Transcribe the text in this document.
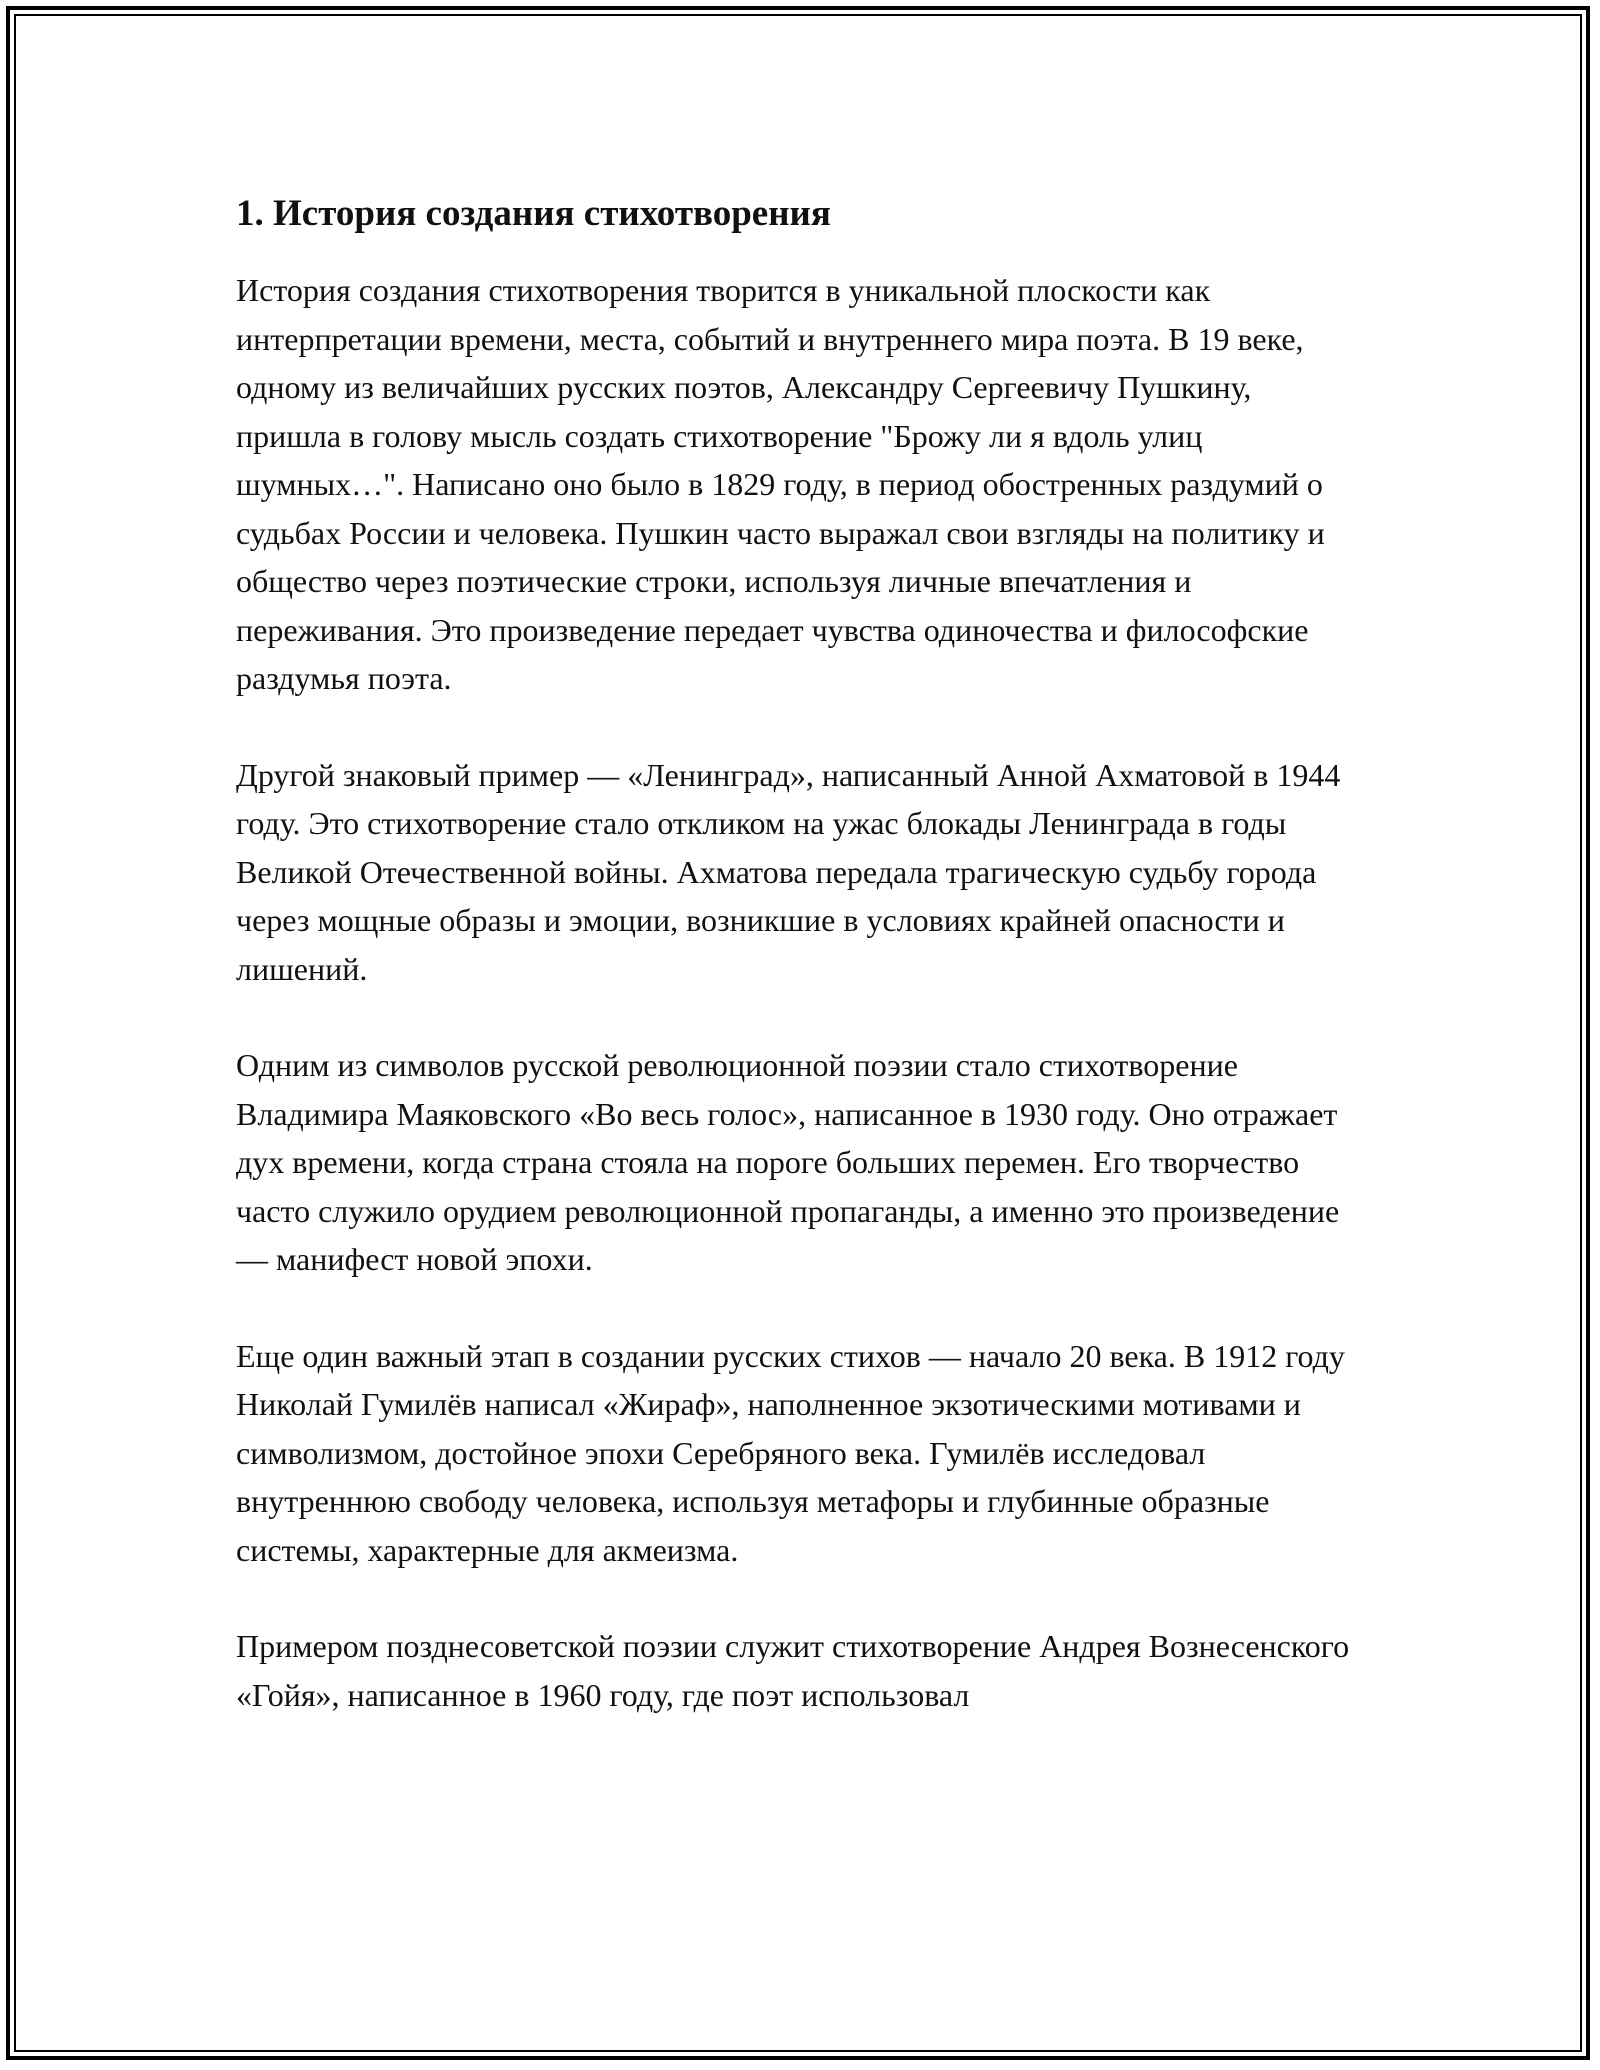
1. История создания стихотворения

История создания стихотворения творится в уникальной плоскости как интерпретации времени, места, событий и внутреннего мира поэта. В 19 веке, одному из величайших русских поэтов, Александру Сергеевичу Пушкину, пришла в голову мысль создать стихотворение "Брожу ли я вдоль улиц шумных…". Написано оно было в 1829 году, в период обостренных раздумий о судьбах России и человека. Пушкин часто выражал свои взгляды на политику и общество через поэтические строки, используя личные впечатления и переживания. Это произведение передает чувства одиночества и философские раздумья поэта.

Другой знаковый пример — «Ленинград», написанный Анной Ахматовой в 1944 году. Это стихотворение стало откликом на ужас блокады Ленинграда в годы Великой Отечественной войны. Ахматова передала трагическую судьбу города через мощные образы и эмоции, возникшие в условиях крайней опасности и лишений.

Одним из символов русской революционной поэзии стало стихотворение Владимира Маяковского «Во весь голос», написанное в 1930 году. Оно отражает дух времени, когда страна стояла на пороге больших перемен. Его творчество часто служило орудием революционной пропаганды, а именно это произведение — манифест новой эпохи.

Еще один важный этап в создании русских стихов — начало 20 века. В 1912 году Николай Гумилёв написал «Жираф», наполненное экзотическими мотивами и символизмом, достойное эпохи Серебряного века. Гумилёв исследовал внутреннюю свободу человека, используя метафоры и глубинные образные системы, характерные для акмеизма.

Примером позднесоветской поэзии служит стихотворение Андрея Вознесенского «Гойя», написанное в 1960 году, где поэт использовал
